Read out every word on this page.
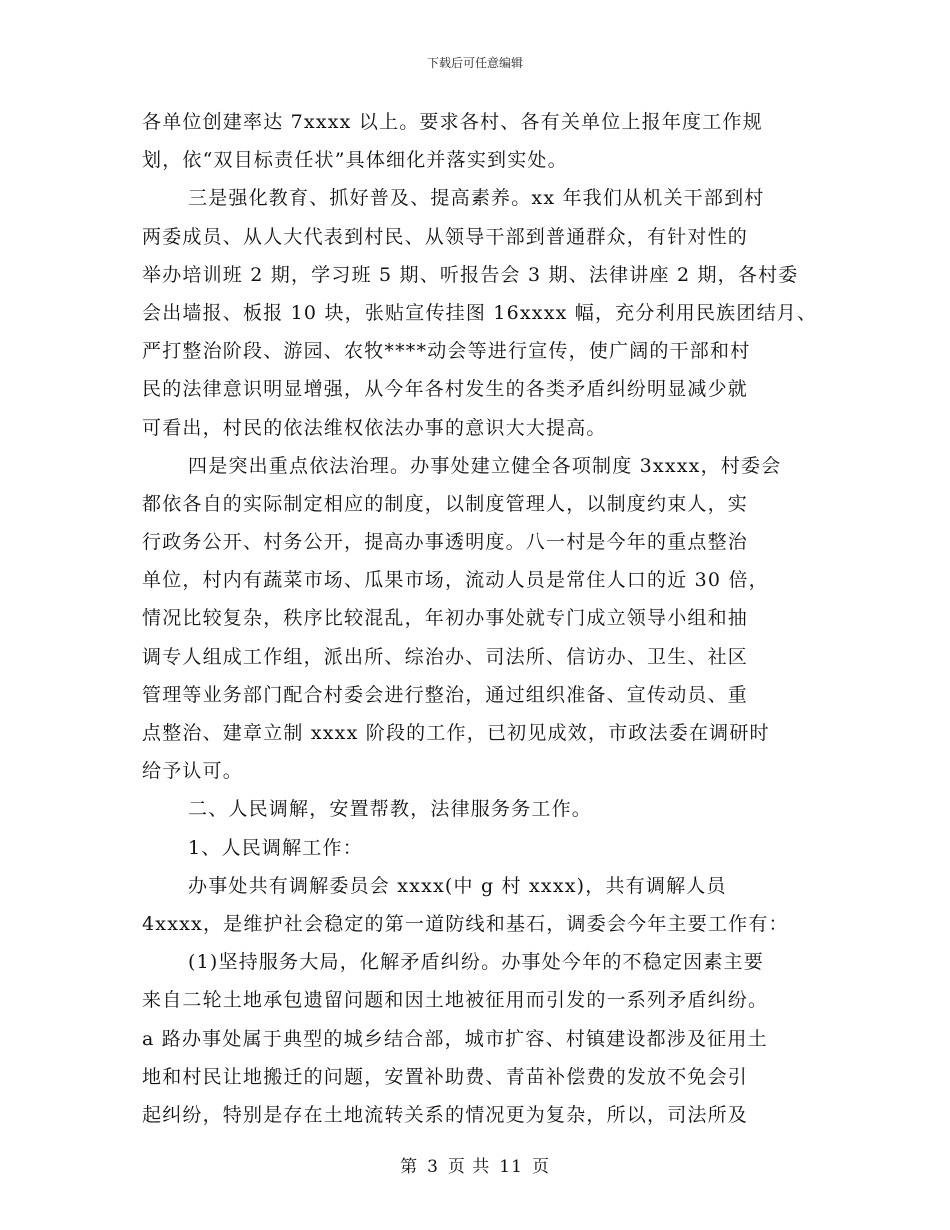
下载后可任意编辑
各单位创建率达 7xxxx 以上。要求各村、各有关单位上报年度工作规
划，依“双目标责任状”具体细化并落实到实处。
三是强化教育、抓好普及、提高素养。xx 年我们从机关干部到村
两委成员、从人大代表到村民、从领导干部到普通群众，有针对性的
举办培训班 2 期，学习班 5 期、听报告会 3 期、法律讲座 2 期，各村委
会出墙报、板报 10 块，张贴宣传挂图 16xxxx 幅，充分利用民族团结月、
严打整治阶段、游园、农牧****动会等进行宣传，使广阔的干部和村
民的法律意识明显增强，从今年各村发生的各类矛盾纠纷明显减少就
可看出，村民的依法维权依法办事的意识大大提高。
四是突出重点依法治理。办事处建立健全各项制度 3xxxx，村委会
都依各自的实际制定相应的制度，以制度管理人，以制度约束人，实
行政务公开、村务公开，提高办事透明度。八一村是今年的重点整治
单位，村内有蔬菜市场、瓜果市场，流动人员是常住人口的近 30 倍，
情况比较复杂，秩序比较混乱，年初办事处就专门成立领导小组和抽
调专人组成工作组，派出所、综治办、司法所、信访办、卫生、社区
管理等业务部门配合村委会进行整治，通过组织准备、宣传动员、重
点整治、建章立制 xxxx 阶段的工作，已初见成效，市政法委在调研时
给予认可。
二、人民调解，安置帮教，法律服务务工作。
1、人民调解工作：
办事处共有调解委员会 xxxx(中 g 村 xxxx)，共有调解人员
4xxxx，是维护社会稳定的第一道防线和基石，调委会今年主要工作有：
(1)坚持服务大局，化解矛盾纠纷。办事处今年的不稳定因素主要
来自二轮土地承包遗留问题和因土地被征用而引发的一系列矛盾纠纷。
a 路办事处属于典型的城乡结合部，城市扩容、村镇建设都涉及征用土
地和村民让地搬迁的问题，安置补助费、青苗补偿费的发放不免会引
起纠纷，特别是存在土地流转关系的情况更为复杂，所以，司法所及
第 3 页 共 11 页
